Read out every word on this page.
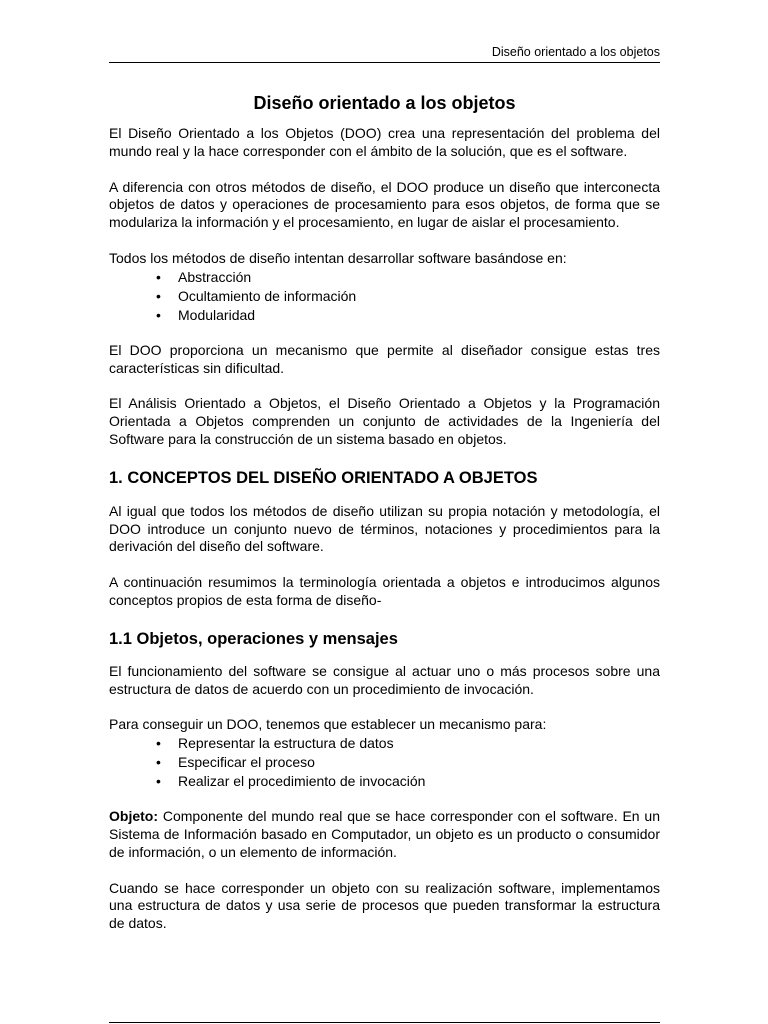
Diseño orientado a los objetos
Diseño orientado a los objetos

El Diseño Orientado a los Objetos (DOO) crea una representación del problema del mundo real y la hace corresponder con el ámbito de la solución, que es el software.

A diferencia con otros métodos de diseño, el DOO produce un diseño que interconecta objetos de datos y operaciones de procesamiento para esos objetos, de forma que se modulariza la información y el procesamiento, en lugar de aislar el procesamiento.

Todos los métodos de diseño intentan desarrollar software basándose en:

• Abstracción
• Ocultamiento de información
• Modularidad

El DOO proporciona un mecanismo que permite al diseñador consigue estas tres características sin dificultad.

El Análisis Orientado a Objetos, el Diseño Orientado a Objetos y la Programación Orientada a Objetos comprenden un conjunto de actividades de la Ingeniería del Software para la construcción de un sistema basado en objetos.

1. CONCEPTOS DEL DISEÑO ORIENTADO A OBJETOS

Al igual que todos los métodos de diseño utilizan su propia notación y metodología, el DOO introduce un conjunto nuevo de términos, notaciones y procedimientos para la derivación del diseño del software.

A continuación resumimos la terminología orientada a objetos e introducimos algunos conceptos propios de esta forma de diseño-

1.1 Objetos, operaciones y mensajes

El funcionamiento del software se consigue al actuar uno o más procesos sobre una estructura de datos de acuerdo con un procedimiento de invocación.

Para conseguir un DOO, tenemos que establecer un mecanismo para:

• Representar la estructura de datos
• Especificar el proceso
• Realizar el procedimiento de invocación

Objeto: Componente del mundo real que se hace corresponder con el software. En un Sistema de Información basado en Computador, un objeto es un producto o consumidor de información, o un elemento de información.

Cuando se hace corresponder un objeto con su realización software, implementamos una estructura de datos y usa serie de procesos que pueden transformar la estructura de datos.
